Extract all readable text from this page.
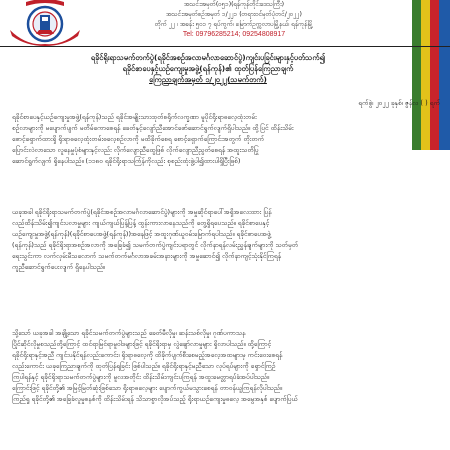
အသင်းအမှတ်(ဝ၅၁)(ရန်ကုန်တိုင်းဒေသကြီး)
အသင်းအမှတ်စဉ်အမှတ် ၁/၂၂၁ (တရားဝင်မှတ်ပုံတင်/၂၀၂၂)
တိုက် ၂၂ ၊ အခန်း ၅၀၁ ၇ ရပ်ကွက်၊ မြောက်ဥက္ကလာပမြို့နယ်၊ ရန်ကုန်မြို့
Tel: 09796285214; 09254808917
ရခိုင်ရိုးရာသမက်တက်ပွဲ(ရခိုင်အစဉ်အလာမင်္ဂလာဆောင်ပွဲ)ကျင်းပခြင်းများနှင့်ပတ်သက်၍
ရခိုင်စာပေနှင့်ယဉ်ကျေးမှုအဖွဲ့(ရန်ကုန်)၏ ထုတ်ပြန်ကြေညာချက်
ကြေညာချက်အမှတ် ၁/၂၀၂၂(သမက်တက်)
ရက်စွဲ၊ ၂၀၂၂ ခုနှစ်၊ ဇွန်လ ( ) ရက်
ရခိုင်စာပေနှင့်ယဉ်ကျေးမှုအဖွဲ့(ရန်ကုန်)သည် ရခိုင်အမျိုးသားထုတ်စရိုက်လက္ခဏာ မူပိုင်ရိုးရာဓလေ့ထုံးတမ်း
စဉ်လာများကို မပျောက်ပျက် မတိမ်ကောစေရန် ခေတ်နှင့်လျော်ညီအောင်ဖော်ဆောင်ရွက်လျက်ရှိပါသည်။ ထို့ပြင် ထိန်းသိမ်း
စောင့်ရှောက်ထားရှိ ရိုးရာဓလေ့ထုံးတမ်းဓလေ့စဉ်လာကို မထိခိုက်စေရ စောင့်ရှောက်ကြောင်းအတွက် တိုးတက်
ပြောင်းလဲလာသော လူနေမှုပုံစံများနှင့်လည်း လိုက်လျောညီထွေဖြစ် လိုက်လျောညီညွတ်စေရန် အထူးသတိပြု
ဆောင်ရွက်လျက် ရှိနေပါသည်။ (၁၁၈၀ ရခိုင်ရိုးရာသကြံန်ကိုလည်း စုစည်းထုံးဖွဲ့ပါ၍ထားပါရှိပြီးဖြစ်)
ယခုအခါ ရခိုင်ရိုးရာသမက်တက်ပွဲ(ရခိုင်အစဉ်အလာမင်္ဂလာဆောင်ပွဲ)များကို အမှုဆိုင်ရာပေါ်အရှိအလေးထား ပြန်
လည်ထိန်းသိမ်း၍ကျင်းပလာမှုများ ကျယ်ကျယ်ပြန့်ပြန့် ထွန်းကားလာနေသည်ကို တွေ့ရှိရပေသည်။ ရခိုင်စာပေနှင့်
ယဉ်ကျေးမှုအဖွဲ့(ရန်ကုန်)(ရခိုင်စာပေအဖွဲ့(ရန်ကုန်))အနေဖြင့် အထူးဂုဏ်ယူဝမ်းမြောက်ရပါသည်။ ရခိုင်စာပေအဖွဲ့
(ရန်ကုန်)သည် ရခိုင်ရိုးရာအစဉ်အလာကို အခြေခံ၍ သမက်တက်ပွဲကျင်းပရာတွင် လိုက်နာရန်လမ်းညွှန်ချက်များကို သတ်မှတ်
ရေးသွင်းကာ လက်လှမ်းမီသလောက် သမက်တက်မင်္ဂလာအခမ်းအနားများကို အမှုဆောင်၍ လိုက်နာကျင့်သုံးနိုင်ကြရန်
ကူညီဆောင်ရွက်ပေးလျက် ရှိနေပါသည်။
သို့သော် ယခုအခါ အချို့သော ရခိုင်သမက်တက်ပွဲများသည် ခေတ်မီလိုမှု၊ ဆန်းသစ်လိုမှု၊ ဂုဏ်ပကာသန
ပြိုင်ဆိုင်လိုမှုစသည်တို့ကြောင့် ထင်ရာမြင်ရာမူဝါဒများဖြင့် ရခိုင်ရိုးရာမှ လွဲချော်လာမှုများ ရှိလာပါသည်။ ထို့ကြောင့်
ရခိုင်ရိုးရာနှင့်အညီ ကျင်းပနိုင်ရန်လည်းကောင်း၊ ရိုးရာဓလေ့ကို ထိခိုက်ပျက်စီးစေမည့်အလေ့အထများမှ ကင်းဝေးစေရန်
လည်းကောင်း ယခုကြေညာချက်ကို ထုတ်ပြန်ရခြင်း ဖြစ်ပါသည်။ ရခိုင်ရိုးရာနှင့်မညီသော လုပ်ရပ်များကို ရှောင်ကြဉ်
ကြပါရန်နှင့် ရခိုင်ရိုးရာသမက်တက်ပွဲများကို မူလအတိုင်း ထိန်းသိမ်းကျင်းပကြရန် အထူးမေတ္တာရပ်ခံအပ်ပါသည်။
ကြောင်းဖြင့် ရခိုင်တို့၏ အမြင့်မြတ်ဆုံးဖြစ်သော ရိုးရာဓလေ့များ ပျောက်ကွယ်မသွားစေရန် တာဝန်ယူကြရန်လိုပါသည်။
ကြည်ရှု ရခိုင်တို့၏ အခြေခံလူမှုစနစ်ကို ထိန်းသိမ်းရန် သိသာစွာလိုအပ်သည့် ရိုးရာယဉ်ကျေးမှုဓလေ့ အမွေအနှစ် ပျောက်ပြယ်
